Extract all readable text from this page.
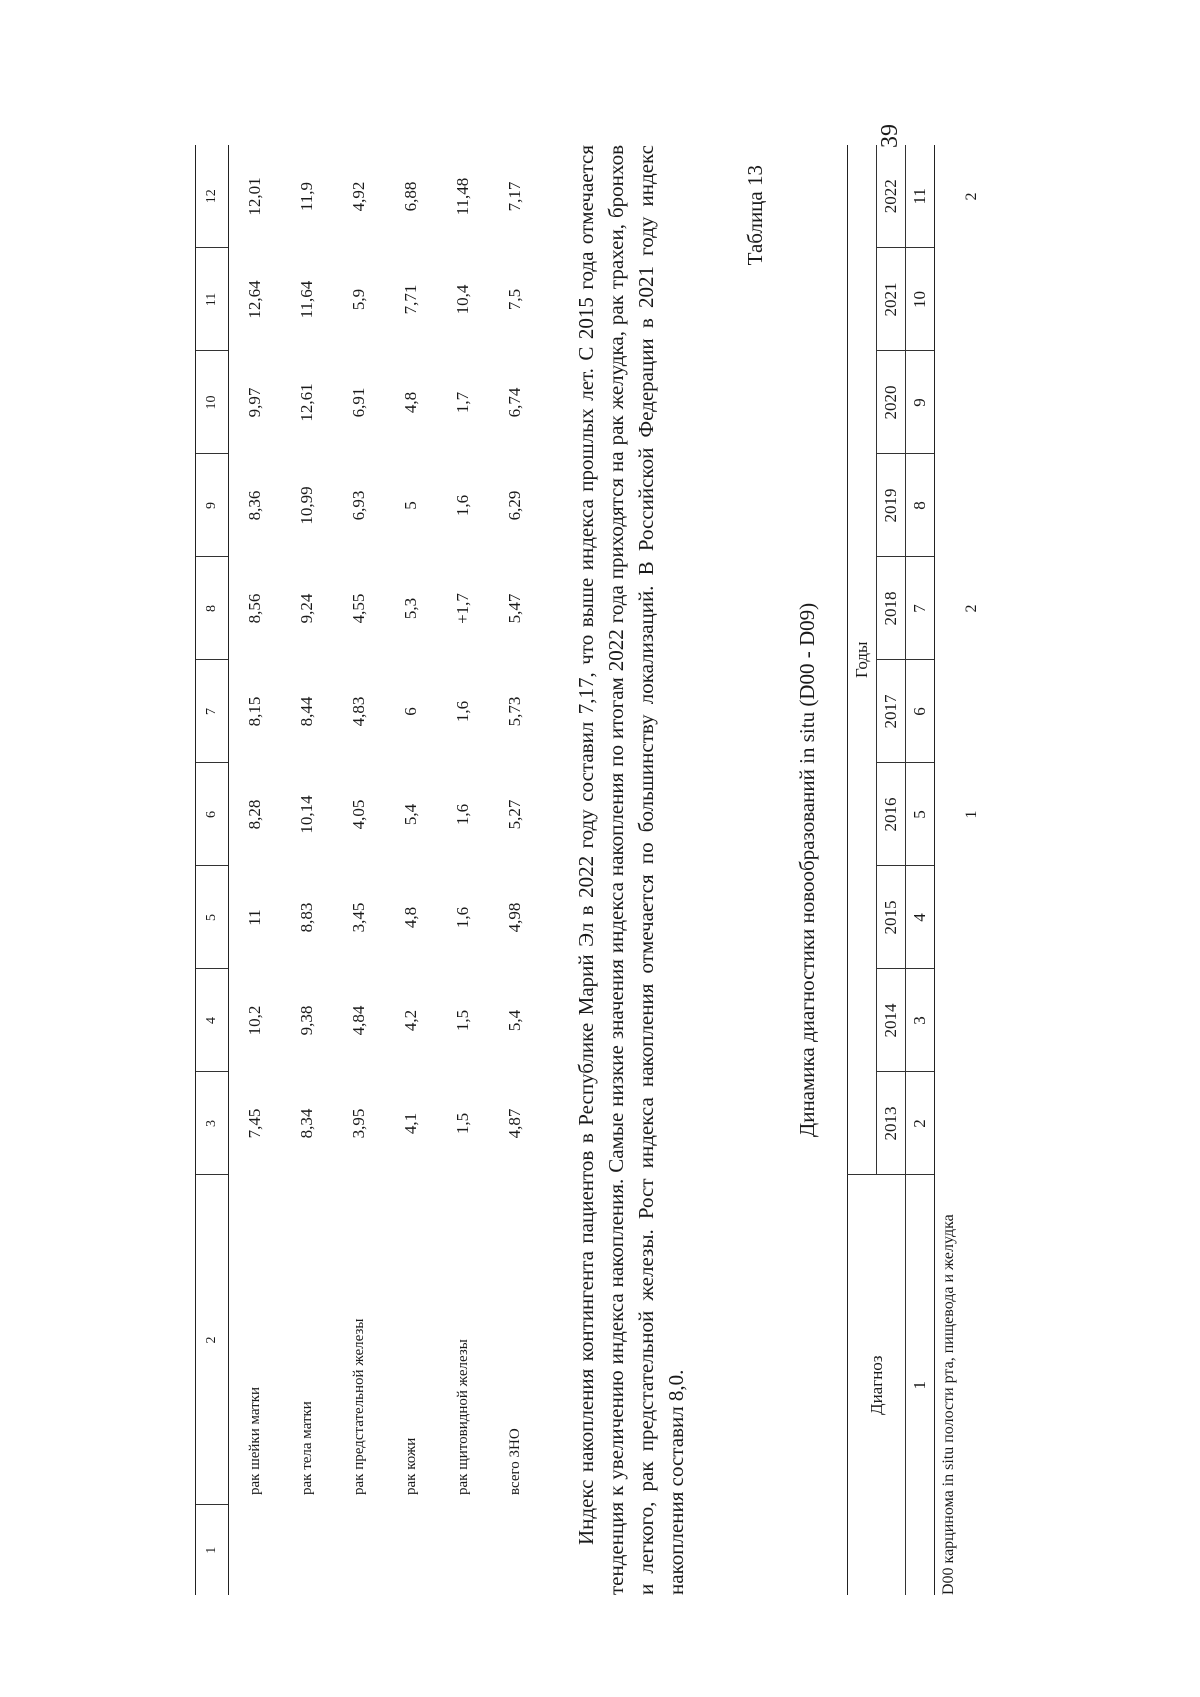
39
1	2	3	4	5	6	7	8	9	10	11	12
	рак шейки матки	7,45	10,2	11	8,28	8,15	8,56	8,36	9,97	12,64	12,01
	рак тела матки	8,34	9,38	8,83	10,14	8,44	9,24	10,99	12,61	11,64	11,9
	рак предстательной железы	3,95	4,84	3,45	4,05	4,83	4,55	6,93	6,91	5,9	4,92
	рак кожи	4,1	4,2	4,8	5,4	6	5,3	5	4,8	7,71	6,88
	рак щитовидной железы	1,5	1,5	1,6	1,6	1,6	+1,7	1,6	1,7	10,4	11,48
	всего ЗНО	4,87	5,4	4,98	5,27	5,73	5,47	6,29	6,74	7,5	7,17 Индекс накопления контингента пациентов в Республике Марий Эл в 2022 году составил 7,17, что выше индекса прошлых лет. С 2015 года отмечается тенденция к увеличению индекса накопления. Самые низкие значения индекса накопления по итогам 2022 года приходятся на рак желудка, рак трахеи, бронхов и легкого, рак предстательной железы. Рост индекса накопления отмечается по большинству локализаций. В Российской Федерации в 2021 году индекс накопления составил 8,0.

Таблица 13
Динамика диагностики новообразований in situ (D00 - D09)
Диагноз	Годы									
	2013	2014	2015	2016	2017	2018	2019	2020	2021	2022
1	2	3	4	5	6	7	8	9	10	11
D00 карцинома in situ полости рта, пищевода и желудка				1		2				2
